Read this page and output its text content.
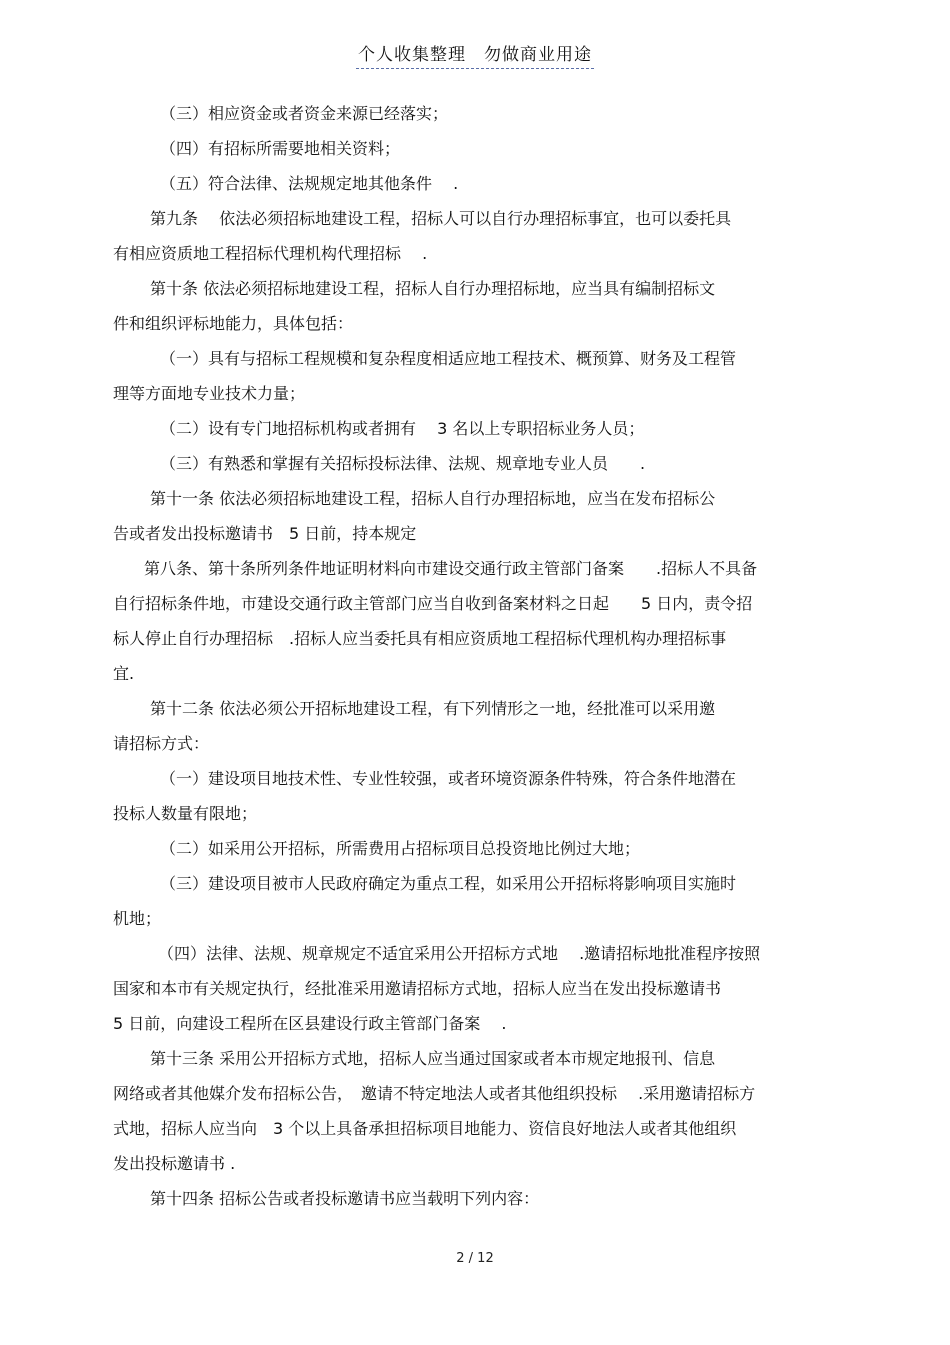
个人收集整理　勿做商业用途
（三）相应资金或者资金来源已经落实；
（四）有招标所需要地相关资料；
（五）符合法律、法规规定地其他条件　 .
第九条　 依法必须招标地建设工程，招标人可以自行办理招标事宜，也可以委托具
有相应资质地工程招标代理机构代理招标　 .
第十条 依法必须招标地建设工程，招标人自行办理招标地，应当具有编制招标文
件和组织评标地能力，具体包括：
（一）具有与招标工程规模和复杂程度相适应地工程技术、概预算、财务及工程管
理等方面地专业技术力量；
（二）设有专门地招标机构或者拥有　 3 名以上专职招标业务人员；
（三）有熟悉和掌握有关招标投标法律、法规、规章地专业人员　　.
第十一条 依法必须招标地建设工程，招标人自行办理招标地，应当在发布招标公
告或者发出投标邀请书　5 日前，持本规定
第八条、第十条所列条件地证明材料向市建设交通行政主管部门备案　　.招标人不具备
自行招标条件地，市建设交通行政主管部门应当自收到备案材料之日起　　5 日内，责令招
标人停止自行办理招标　.招标人应当委托具有相应资质地工程招标代理机构办理招标事
宜.
第十二条 依法必须公开招标地建设工程，有下列情形之一地，经批准可以采用邀
请招标方式：
（一）建设项目地技术性、专业性较强，或者环境资源条件特殊，符合条件地潜在
投标人数量有限地；
（二）如采用公开招标，所需费用占招标项目总投资地比例过大地；
（三）建设项目被市人民政府确定为重点工程，如采用公开招标将影响项目实施时
机地；
（四）法律、法规、规章规定不适宜采用公开招标方式地　 .邀请招标地批准程序按照
国家和本市有关规定执行，经批准采用邀请招标方式地，招标人应当在发出投标邀请书
5 日前，向建设工程所在区县建设行政主管部门备案　 .
第十三条 采用公开招标方式地，招标人应当通过国家或者本市规定地报刊、信息
网络或者其他媒介发布招标公告，　邀请不特定地法人或者其他组织投标　 .采用邀请招标方
式地，招标人应当向　3 个以上具备承担招标项目地能力、资信良好地法人或者其他组织
发出投标邀请书 .
第十四条 招标公告或者投标邀请书应当载明下列内容：
2 / 12
